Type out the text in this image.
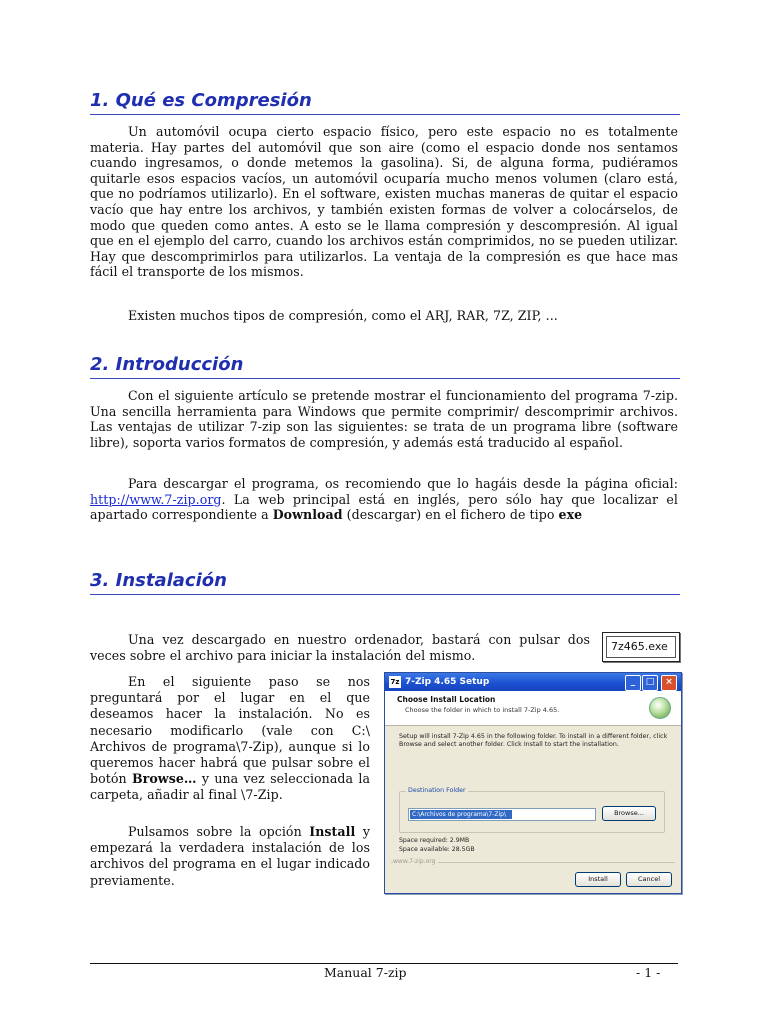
1. Qué es Compresión

Un automóvil ocupa cierto espacio físico, pero este espacio no es totalmente materia. Hay partes del automóvil que son aire (como el espacio donde nos sentamos cuando ingresamos, o donde metemos la gasolina). Si, de alguna forma, pudiéramos quitarle esos espacios vacíos, un automóvil ocuparía mucho menos volumen (claro está, que no podríamos utilizarlo). En el software, existen muchas maneras de quitar el espacio vacío que hay entre los archivos, y también existen formas de volver a colocárselos, de modo que queden como antes. A esto se le llama compresión y descompresión. Al igual que en el ejemplo del carro, cuando los archivos están comprimidos, no se pueden utilizar. Hay que descomprimirlos para utilizarlos. La ventaja de la compresión es que hace mas fácil el transporte de los mismos.

Existen muchos tipos de compresión, como el ARJ, RAR, 7Z, ZIP, ...

2. Introducción

Con el siguiente artículo se pretende mostrar el funcionamiento del programa 7-zip. Una sencilla herramienta para Windows que permite comprimir/ descomprimir archivos. Las ventajas de utilizar 7-zip son las siguientes: se trata de un programa libre (software libre), soporta varios formatos de compresión, y además está traducido al español.

Para descargar el programa, os recomiendo que lo hagáis desde la página oficial: http://www.7-zip.org. La web principal está en inglés, pero sólo hay que localizar el apartado correspondiente a Download (descargar) en el fichero de tipo exe

3. Instalación

Una vez descargado en nuestro ordenador, bastará con pulsar dos veces sobre el archivo para iniciar la instalación del mismo.

7z465.exe

En el siguiente paso se nos preguntará por el lugar en el que deseamos hacer la instalación. No es necesario modificarlo (vale con C:\ Archivos de programa\7-Zip), aunque si lo queremos hacer habrá que pulsar sobre el botón Browse… y una vez seleccionada la carpeta, añadir al final \7-Zip.

Pulsamos sobre la opción Install y empezará la verdadera instalación de los archivos del programa en el lugar indicado previamente.

7z 7-Zip 4.65 Setup	_	□	×
Choose Install Location
Choose the folder in which to install 7-Zip 4.65.
Setup will install 7-Zip 4.65 in the following folder. To install in a different folder, click Browse and select another folder. Click Install to start the installation.
Destination Folder
C:\Archivos de programa\7-Zip\	Browse...
Space required: 2.9MB
Space available: 28.5GB
www.7-zip.org
Install	Cancel
Manual 7-zip	- 1 -
